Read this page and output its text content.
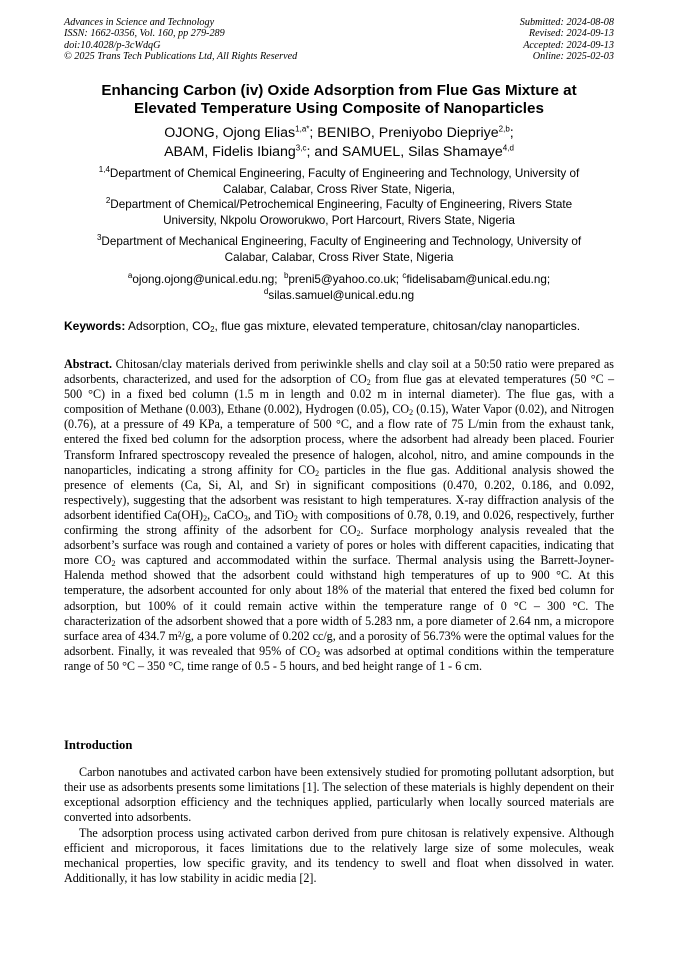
Advances in Science and Technology
ISSN: 1662-0356, Vol. 160, pp 279-289
doi:10.4028/p-3cWdqG
© 2025 Trans Tech Publications Ltd, All Rights Reserved
Submitted: 2024-08-08
Revised: 2024-09-13
Accepted: 2024-09-13
Online: 2025-02-03
Enhancing Carbon (iv) Oxide Adsorption from Flue Gas Mixture at
Elevated Temperature Using Composite of Nanoparticles
OJONG, Ojong Elias$^{1,a*}$; BENIBO, Preniyobo Diepriye$^{2,b}$;
ABAM, Fidelis Ibiang$^{3,c}$; and SAMUEL, Silas Shamaye$^{4,d}$
$^{1,4}$Department of Chemical Engineering, Faculty of Engineering and Technology, University of Calabar, Calabar, Cross River State, Nigeria,
$^2$Department of Chemical/Petrochemical Engineering, Faculty of Engineering, Rivers State University, Nkpolu Oroworukwo, Port Harcourt, Rivers State, Nigeria
$^3$Department of Mechanical Engineering, Faculty of Engineering and Technology, University of Calabar, Calabar, Cross River State, Nigeria
$^a$ojong.ojong@unical.edu.ng; $^b$preni5@yahoo.co.uk; $^c$fidelisabam@unical.edu.ng;
$^d$silas.samuel@unical.edu.ng
Keywords: Adsorption, $CO_2$, flue gas mixture, elevated temperature, chitosan/clay nanoparticles.

Abstract. Chitosan/clay materials derived from periwinkle shells and clay soil at a 50:50 ratio were prepared as adsorbents, characterized, and used for the adsorption of $CO_2$ from flue gas at elevated temperatures (50 °C – 500 °C) in a fixed bed column (1.5 m in length and 0.02 m in internal diameter). The flue gas, with a composition of Methane (0.003), Ethane (0.002), Hydrogen (0.05), $CO_2$ (0.15), Water Vapor (0.02), and Nitrogen (0.76), at a pressure of 49 KPa, a temperature of 500 °C, and a flow rate of 75 L/min from the exhaust tank, entered the fixed bed column for the adsorption process, where the adsorbent had already been placed. Fourier Transform Infrared spectroscopy revealed the presence of halogen, alcohol, nitro, and amine compounds in the nanoparticles, indicating a strong affinity for $CO_2$ particles in the flue gas. Additional analysis showed the presence of elements (Ca, Si, Al, and Sr) in significant compositions (0.470, 0.202, 0.186, and 0.092, respectively), suggesting that the adsorbent was resistant to high temperatures. X-ray diffraction analysis of the adsorbent identified $Ca(OH)_2$, CaCO$_3$, and TiO$_2$ with compositions of 0.78, 0.19, and 0.026, respectively, further confirming the strong affinity of the adsorbent for $CO_2$. Surface morphology analysis revealed that the adsorbent’s surface was rough and contained a variety of pores or holes with different capacities, indicating that more $CO_2$ was captured and accommodated within the surface. Thermal analysis using the Barrett-Joyner-Halenda method showed that the adsorbent could withstand high temperatures of up to 900 °C. At this temperature, the adsorbent accounted for only about 18% of the material that entered the fixed bed column for adsorption, but 100% of it could remain active within the temperature range of 0 °C – 300 °C. The characterization of the adsorbent showed that a pore width of 5.283 nm, a pore diameter of 2.64 nm, a micropore surface area of 434.7 m²/g, a pore volume of 0.202 cc/g, and a porosity of 56.73% were the optimal values for the adsorbent. Finally, it was revealed that 95% of $CO_2$ was adsorbed at optimal conditions within the temperature range of 50 °C – 350 °C, time range of 0.5 - 5 hours, and bed height range of 1 - 6 cm.

Introduction

Carbon nanotubes and activated carbon have been extensively studied for promoting pollutant adsorption, but their use as adsorbents presents some limitations [1]. The selection of these materials is highly dependent on their exceptional adsorption efficiency and the techniques applied, particularly when locally sourced materials are converted into adsorbents.

The adsorption process using activated carbon derived from pure chitosan is relatively expensive. Although efficient and microporous, it faces limitations due to the relatively large size of some molecules, weak mechanical properties, low specific gravity, and its tendency to swell and float when dissolved in water. Additionally, it has low stability in acidic media [2].
